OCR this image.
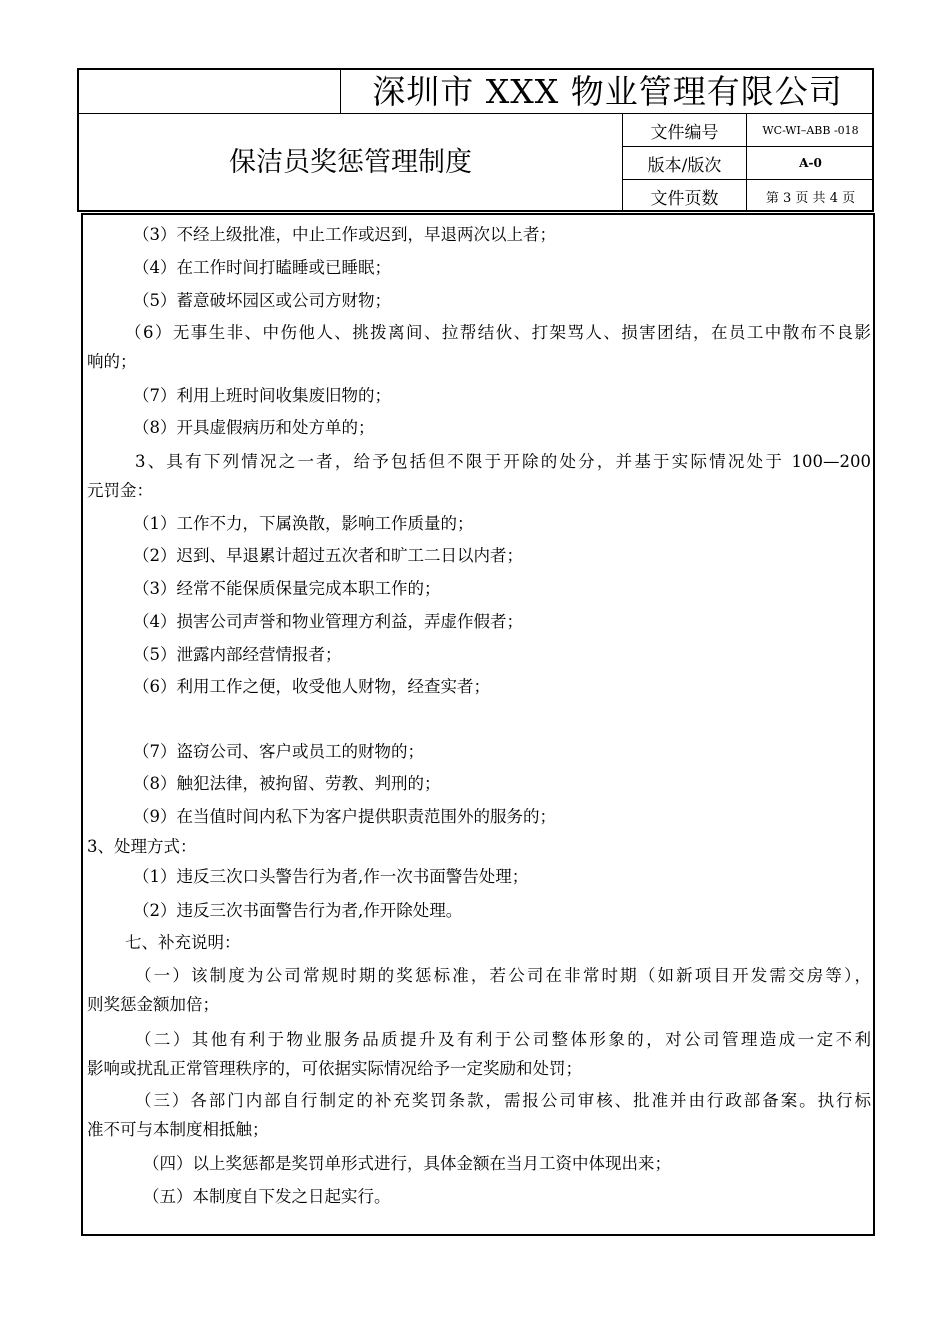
深圳市 XXX 物业管理有限公司
保洁员奖惩管理制度
文件编号	WC-WI–ABB -018
版本/版次	A-0
文件页数	第 3 页 共 4 页
（3）不经上级批准，中止工作或迟到，早退两次以上者；
（4）在工作时间打瞌睡或已睡眠；
（5）蓄意破坏园区或公司方财物；
（6）无事生非、中伤他人、挑拨离间、拉帮结伙、打架骂人、损害团结，在员工中散布不良影
响的；
（7）利用上班时间收集废旧物的；
（8）开具虚假病历和处方单的；
3、具有下列情况之一者，给予包括但不限于开除的处分，并基于实际情况处于 100—200
元罚金：
（1）工作不力，下属涣散，影响工作质量的；
（2）迟到、早退累计超过五次者和旷工二日以内者；
（3）经常不能保质保量完成本职工作的；
（4）损害公司声誉和物业管理方利益，弄虚作假者；
（5）泄露内部经营情报者；
（6）利用工作之便，收受他人财物，经查实者；
（7）盗窃公司、客户或员工的财物的；
（8）触犯法律，被拘留、劳教、判刑的；
（9）在当值时间内私下为客户提供职责范围外的服务的；
3、处理方式：
（1）违反三次口头警告行为者,作一次书面警告处理；
（2）违反三次书面警告行为者,作开除处理。
七、补充说明：
（一）该制度为公司常规时期的奖惩标准，若公司在非常时期（如新项目开发需交房等），
则奖惩金额加倍；
（二）其他有利于物业服务品质提升及有利于公司整体形象的，对公司管理造成一定不利
影响或扰乱正常管理秩序的，可依据实际情况给予一定奖励和处罚；
（三）各部门内部自行制定的补充奖罚条款，需报公司审核、批准并由行政部备案。执行标
准不可与本制度相抵触；
（四）以上奖惩都是奖罚单形式进行，具体金额在当月工资中体现出来；
（五）本制度自下发之日起实行。
